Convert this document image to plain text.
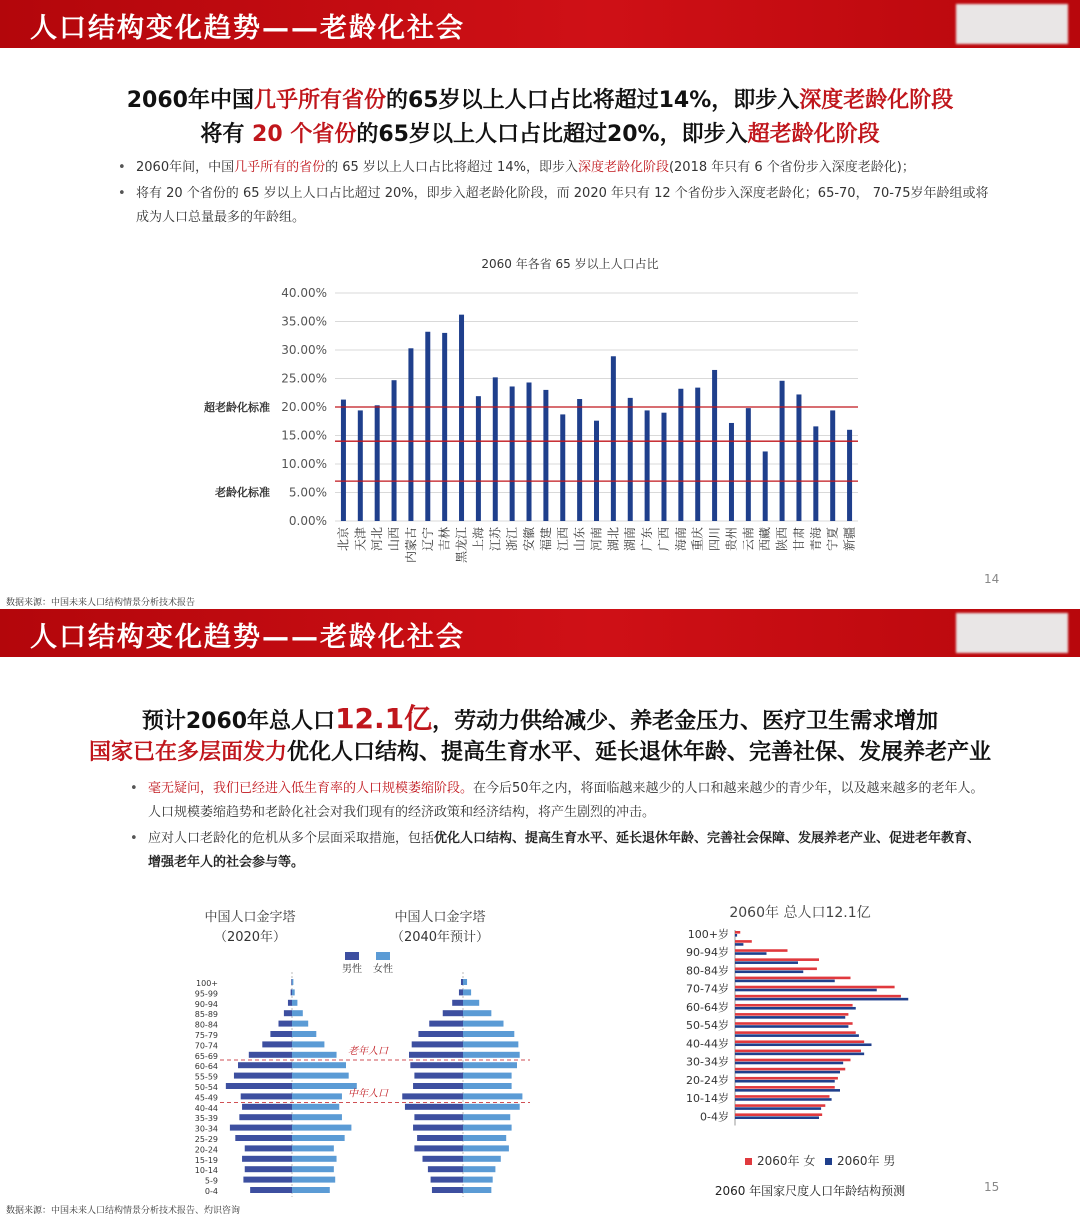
人口结构变化趋势——老龄化社会
2060年中国几乎所有省份的65岁以上人口占比将超过14%，即步入深度老龄化阶段
将有 20 个省份的65岁以上人口占比超过20%，即步入超老龄化阶段
• 2060年间，中国几乎所有的省份的 65 岁以上人口占比将超过 14%，即步入深度老龄化阶段(2018 年只有 6 个省份步入深度老龄化)；
• 将有 20 个省份的 65 岁以上人口占比超过 20%，即步入超老龄化阶段，而 2020 年只有 12 个省份步入深度老龄化；65-70， 70-75岁年龄组或将成为人口总量最多的年龄组。
2060 年各省 65 岁以上人口占比
0.00%
5.00%
10.00%
15.00%
20.00%
25.00%
30.00%
35.00%
40.00%
北京 天津 河北 山西 内蒙古 辽宁 吉林 黑龙江 上海 江苏 浙江 安徽 福建 江西 山东 河南 湖北 湖南 广东 广西 海南 重庆 四川 贵州 云南 西藏 陕西 甘肃 青海 宁夏 新疆
超老龄化标准
老龄化标准
14
数据来源：中国未来人口结构情景分析技术报告
人口结构变化趋势——老龄化社会
预计2060年总人口12.1亿，劳动力供给减少、养老金压力、医疗卫生需求增加
国家已在多层面发力优化人口结构、提高生育水平、延长退休年龄、完善社保、发展养老产业
• 毫无疑问，我们已经进入低生育率的人口规模萎缩阶段。在今后50年之内，将面临越来越少的人口和越来越少的青少年，以及越来越多的老年人。人口规模萎缩趋势和老龄化社会对我们现有的经济政策和经济结构，将产生剧烈的冲击。
• 应对人口老龄化的危机从多个层面采取措施，包括优化人口结构、提高生育水平、延长退休年龄、完善社会保障、发展养老产业、促进老年教育、增强老年人的社会参与等。
中国人口金字塔	中国人口金字塔
（2020年）	（2040年预计）
男性 女性
100+
95-99
90-94
85-89
80-84
75-79
70-74
65-69
60-64
55-59
50-54
45-49
40-44
35-39
30-34
25-29
20-24
15-19
10-14
5-9
0-4
老年人口
中年人口
2060年 总人口12.1亿
100+岁
90-94岁
80-84岁
70-74岁
60-64岁
50-54岁
40-44岁
30-34岁
20-24岁
10-14岁
0-4岁
2060年 女 2060年 男
2060 年国家尺度人口年龄结构预测	15
数据来源：中国未来人口结构情景分析技术报告、灼识咨询
